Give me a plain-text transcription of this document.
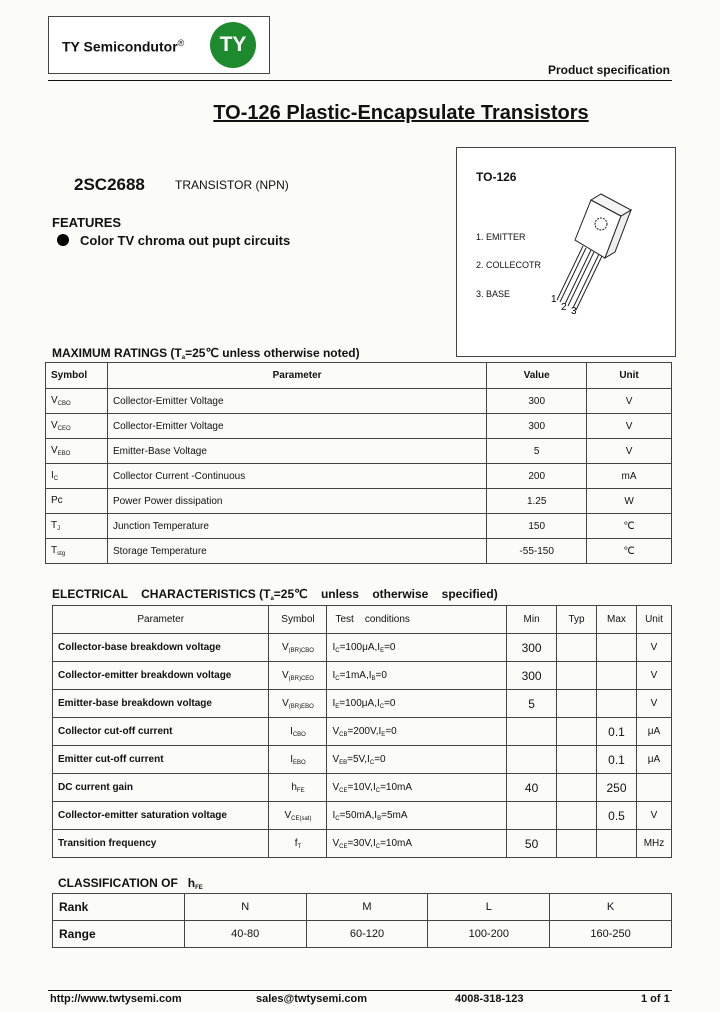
TY Semicondutor®	TY
Product specification
TO-126 Plastic-Encapsulate Transistors
2SC2688	TRANSISTOR (NPN)
FEATURES
Color TV chroma out pupt circuits
TO-126
1. EMITTER
2. COLLECOTR
3. BASE	1
2 3
MAXIMUM RATINGS ($T_a=25℃$ unless otherwise noted)
Symbol	Parameter	Value	Unit
$V_{CBO}$	Collector-Emitter Voltage	300	V
$V_{CEO}$	Collector-Emitter Voltage	300	V
$V_{EBO}$	Emitter-Base Voltage	5	V
$I_C$	Collector Current -Continuous	200	mA
Pc	Power Power dissipation	1.25	W
$T_J$	Junction Temperature	150	℃
$T_{stg}$	Storage Temperature	-55-150	℃
ELECTRICAL    CHARACTERISTICS ($T_a=25℃$    unless    otherwise    specified)
Parameter	Symbol	Test    conditions	Min	Typ	Max	Unit
Collector-base breakdown voltage	$V_{(BR)CBO}$	$I_C=100\mu A,I_E=0$	300			V
Collector-emitter breakdown voltage	$V_{(BR)CEO}$	$I_C=1mA,I_B=0$	300			V
Emitter-base breakdown voltage	$V_{(BR)EBO}$	$I_E=100\mu A,I_C=0$	5			V
Collector cut-off current	$I_{CBO}$	$V_{CB}=200V,I_E=0$			0.1	μA
Emitter cut-off current	$I_{EBO}$	$V_{EB}=5V,I_C=0$			0.1	μA
DC current gain	$h_{FE}$	$V_{CE}=10V,I_C=10mA$	40		250	
Collector-emitter saturation voltage	$V_{CE(sat)}$	$I_C=50mA,I_B=5mA$			0.5	V
Transition frequency	$f_T$	$V_{CE}=30V,I_C=10mA$	50			MHz
CLASSIFICATION OF $h_{FE}$
Rank	N	M	L	K
Range	40-80	60-120	100-200	160-250
http://www.twtysemi.com	sales@twtysemi.com	4008-318-123	1 of 1
